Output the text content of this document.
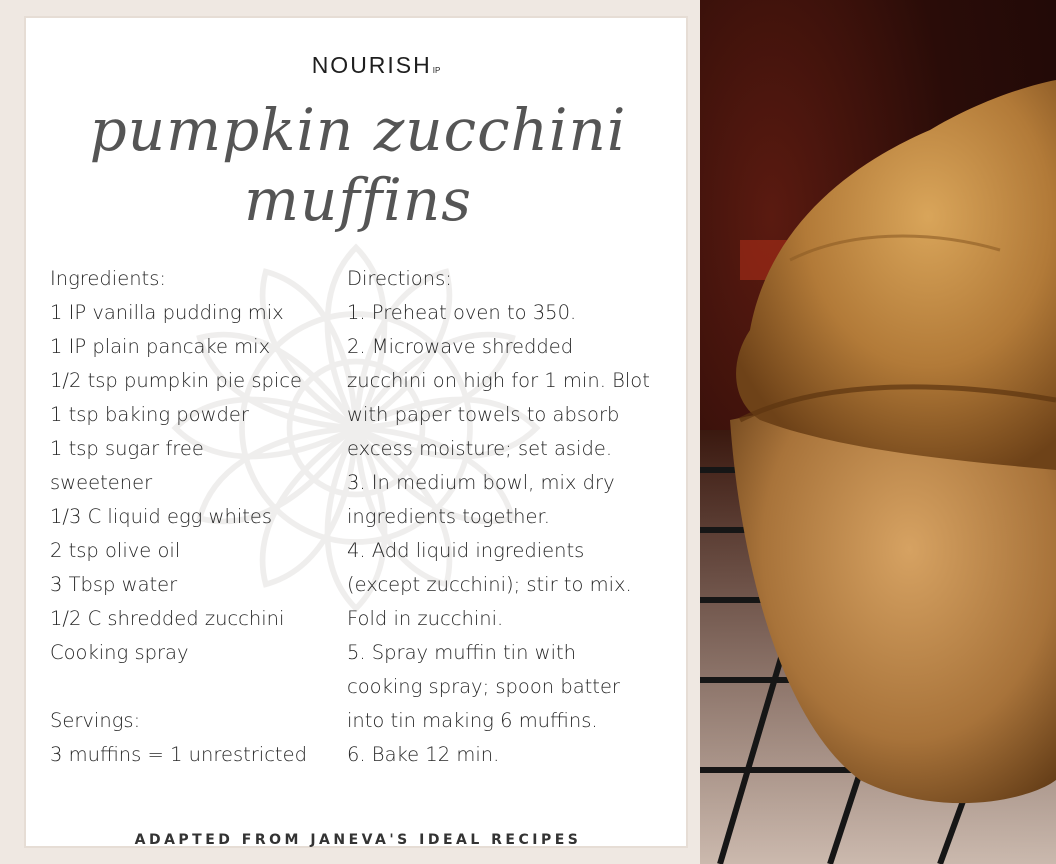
NOURISHIP
pumpkin zucchini
muffins
ADAPTED FROM JANEVA'S IDEAL RECIPES
Ingredients:
1 IP vanilla pudding mix
1 IP plain pancake mix
1/2 tsp pumpkin pie spice
1 tsp baking powder
1 tsp sugar free
sweetener
1/3 C liquid egg whites
2 tsp olive oil
3 Tbsp water
1/2 C shredded zucchini
Cooking spray
Servings:
3 muffins = 1 unrestricted
Directions:
1. Preheat oven to 350.
2. Microwave shredded
zucchini on high for 1 min. Blot
with paper towels to absorb
excess moisture; set aside.
3. In medium bowl, mix dry
ingredients together.
4. Add liquid ingredients
(except zucchini); stir to mix.
Fold in zucchini.
5. Spray muffin tin with
cooking spray; spoon batter
into tin making 6 muffins.
6. Bake 12 min.
